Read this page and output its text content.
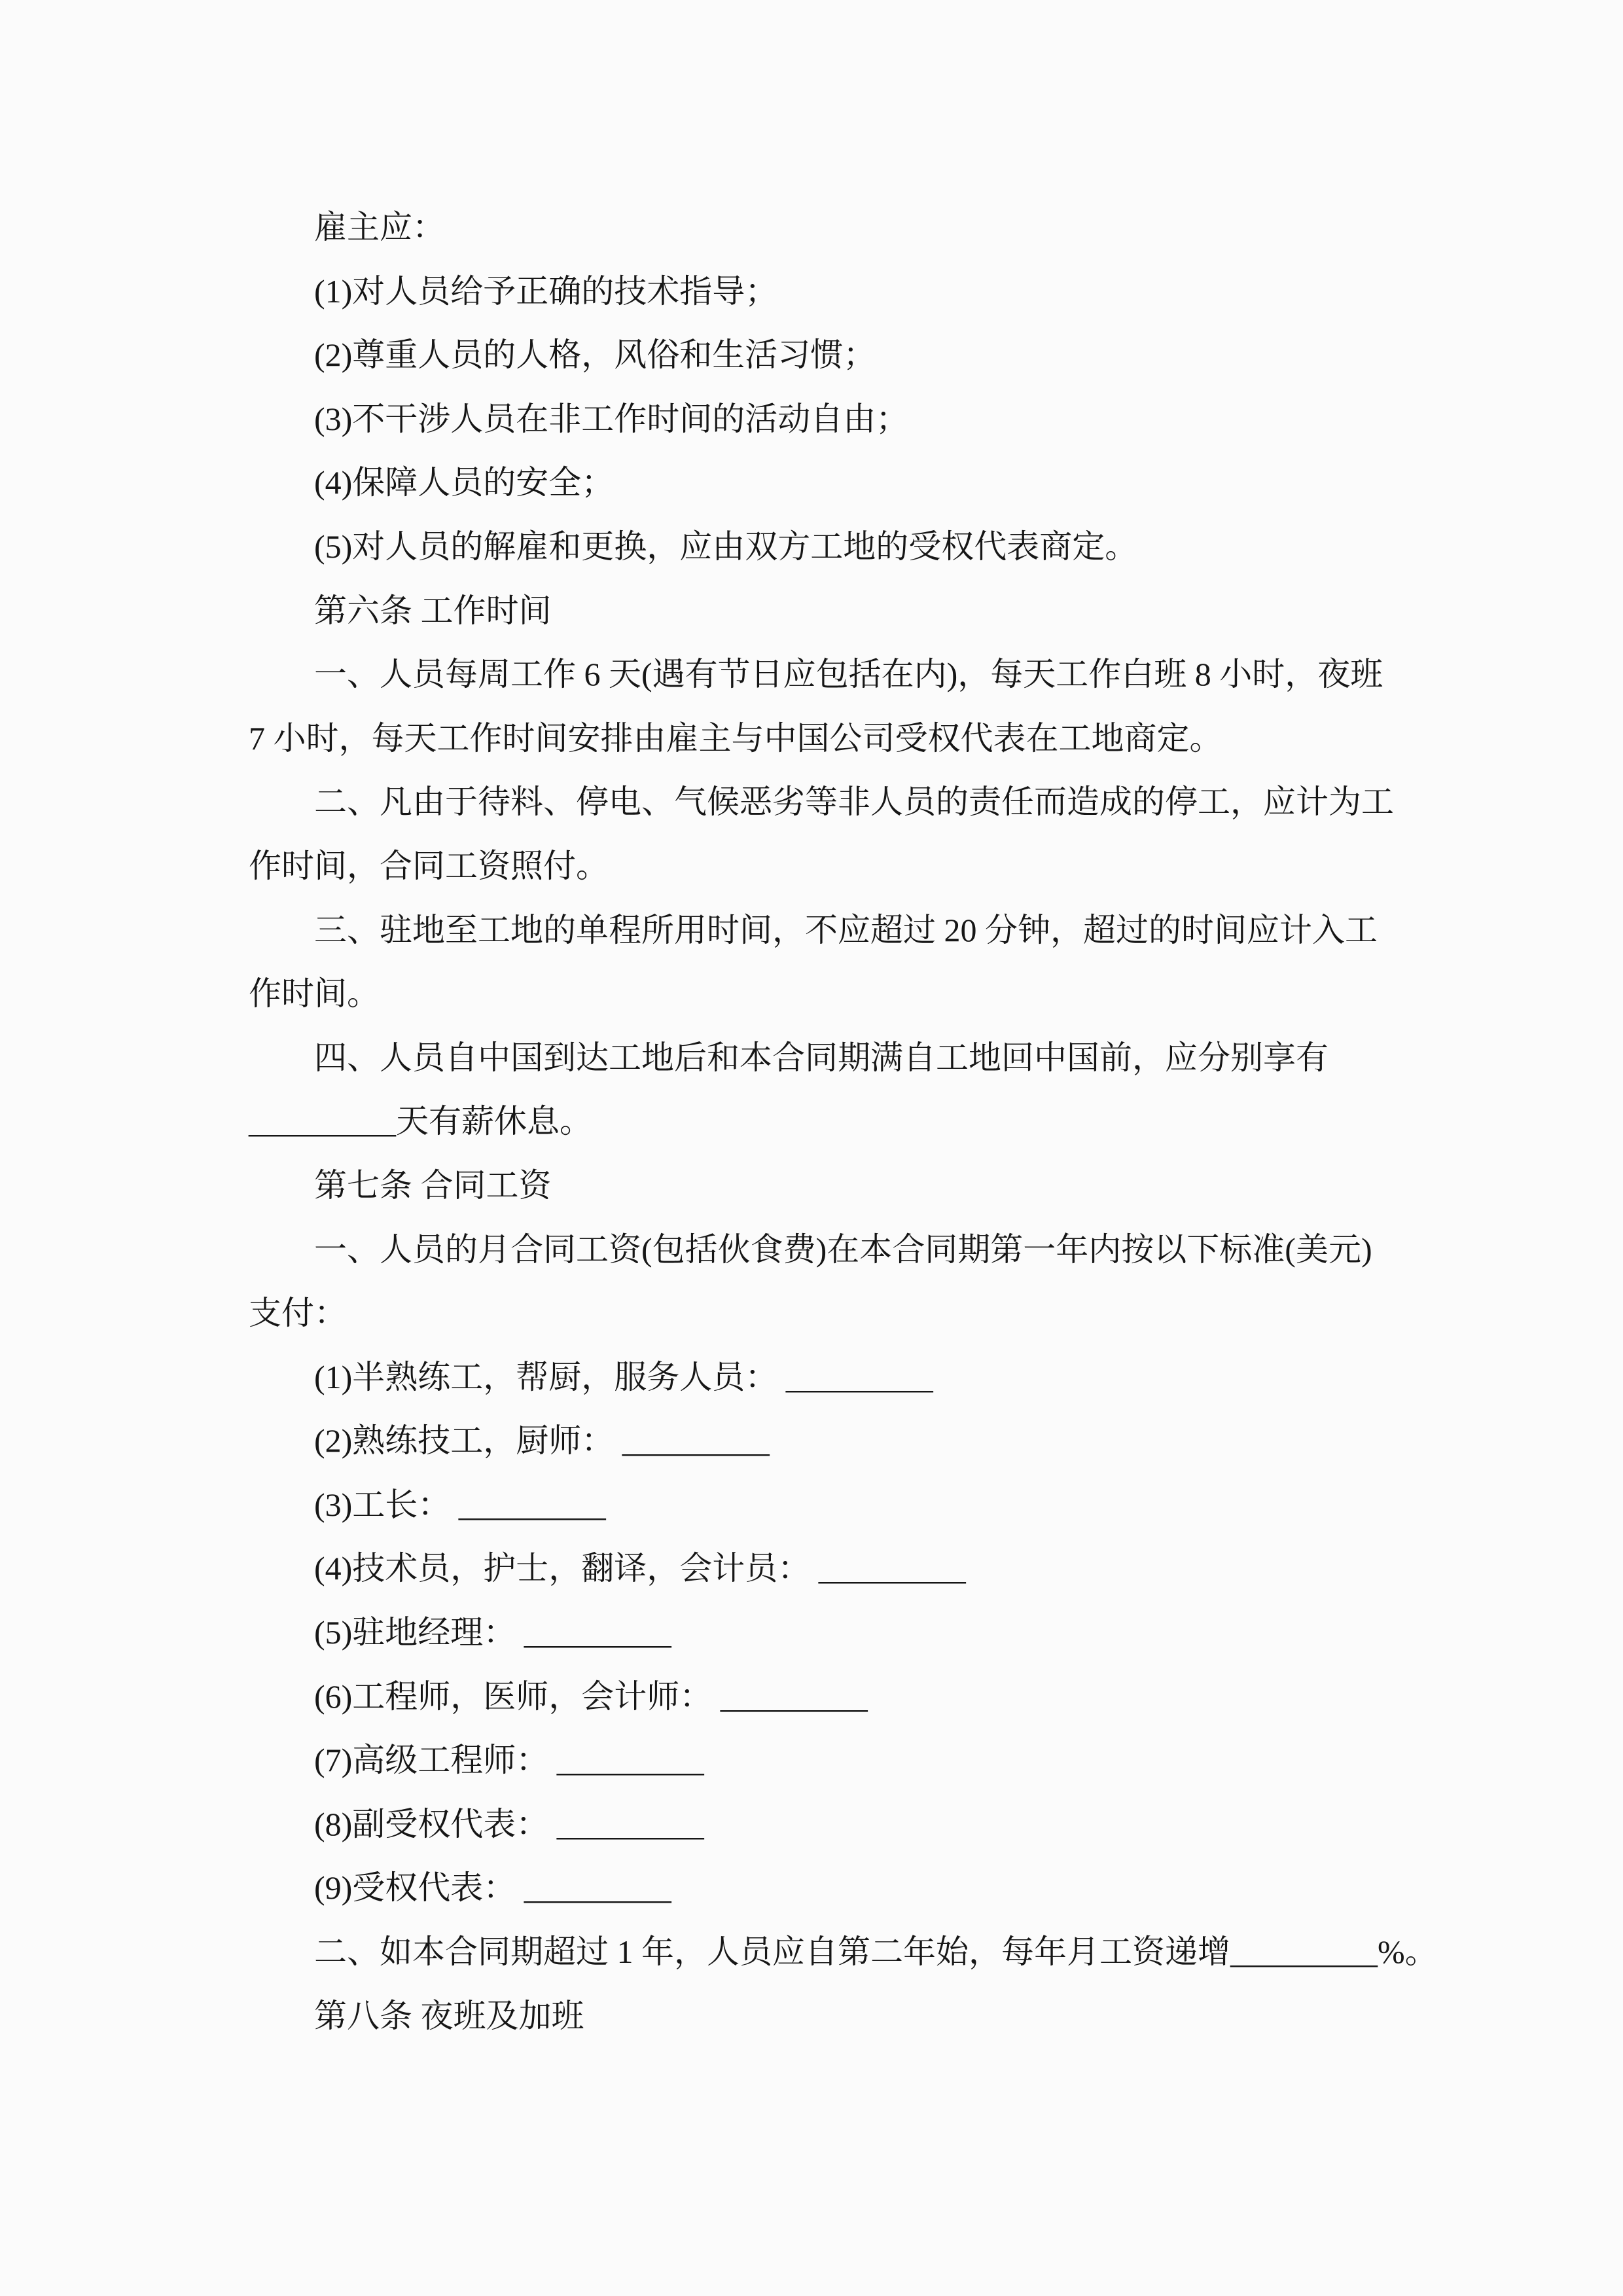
　　雇主应：
　　(1)对人员给予正确的技术指导；
　　(2)尊重人员的人格，风俗和生活习惯；
　　(3)不干涉人员在非工作时间的活动自由；
　　(4)保障人员的安全；
　　(5)对人员的解雇和更换，应由双方工地的受权代表商定。
　　第六条 工作时间
　　一、人员每周工作 6 天(遇有节日应包括在内)，每天工作白班 8 小时，夜班
7 小时，每天工作时间安排由雇主与中国公司受权代表在工地商定。
　　二、凡由于待料、停电、气候恶劣等非人员的责任而造成的停工，应计为工
作时间，合同工资照付。
　　三、驻地至工地的单程所用时间，不应超过 20 分钟，超过的时间应计入工
作时间。
　　四、人员自中国到达工地后和本合同期满自工地回中国前，应分别享有
_________天有薪休息。
　　第七条 合同工资
　　一、人员的月合同工资(包括伙食费)在本合同期第一年内按以下标准(美元)
支付：
　　(1)半熟练工，帮厨，服务人员： _________
　　(2)熟练技工，厨师： _________
　　(3)工长： _________
　　(4)技术员，护士，翻译，会计员： _________
　　(5)驻地经理： _________
　　(6)工程师，医师，会计师： _________
　　(7)高级工程师： _________
　　(8)副受权代表： _________
　　(9)受权代表： _________
　　二、如本合同期超过 1 年，人员应自第二年始，每年月工资递增_________%。
　　第八条 夜班及加班
